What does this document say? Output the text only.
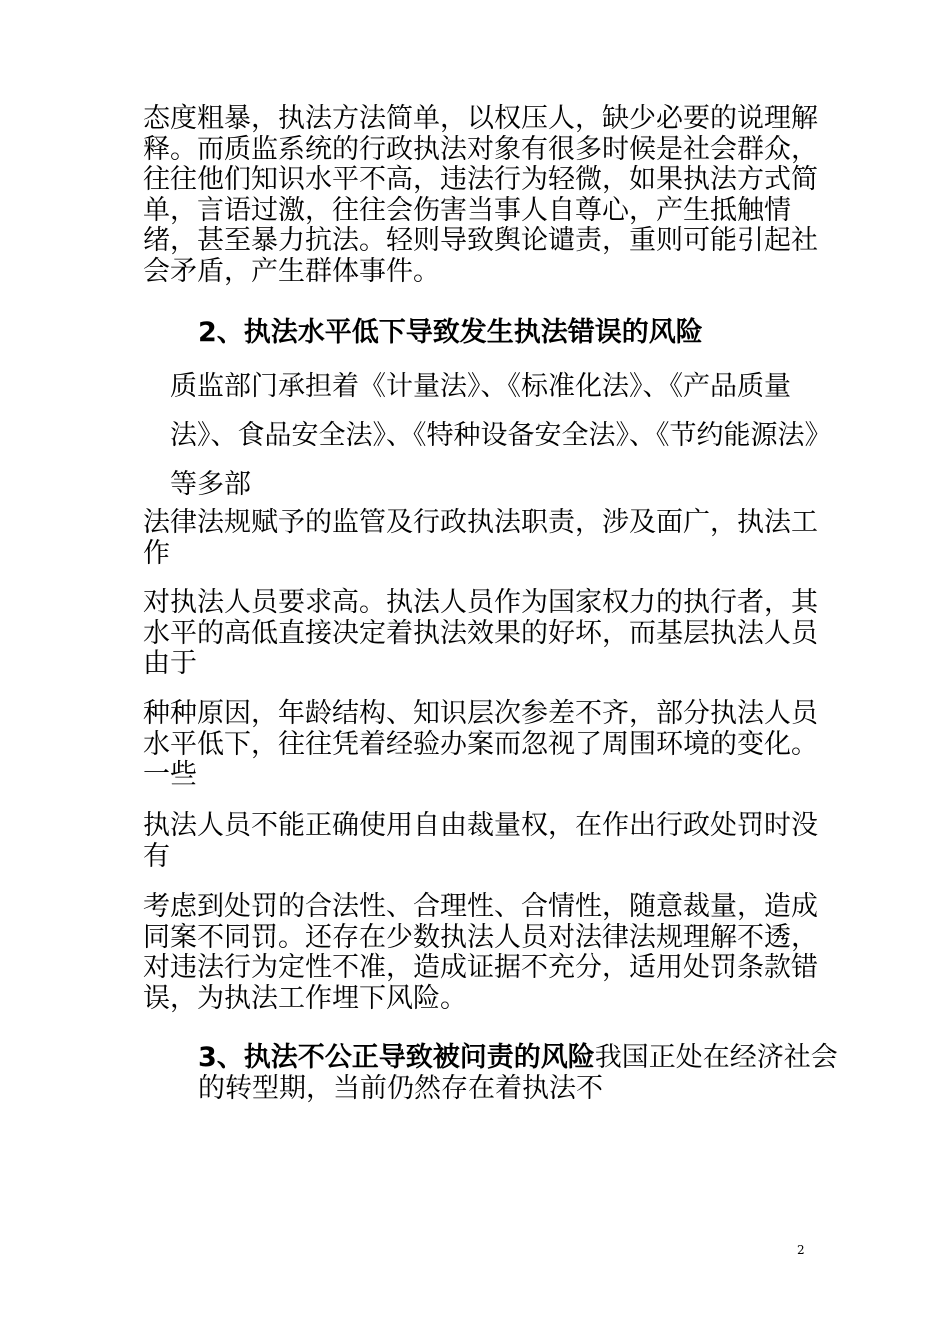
态度粗暴，执法方法简单，以权压人，缺少必要的说理解释。而质监系统的行政执法对象有很多时候是社会群众，往往他们知识水平不高，违法行为轻微，如果执法方式简单，言语过激，往往会伤害当事人自尊心，产生抵触情绪，甚至暴力抗法。轻则导致舆论谴责，重则可能引起社会矛盾，产生群体事件。

2、执法水平低下导致发生执法错误的风险

质监部门承担着《计量法》、《标准化法》、《产品质量法》、食品安全法》、《特种设备安全法》、《节约能源法》等多部

法律法规赋予的监管及行政执法职责，涉及面广，执法工作

对执法人员要求高。执法人员作为国家权力的执行者，其水平的高低直接决定着执法效果的好坏，而基层执法人员由于

种种原因，年龄结构、知识层次参差不齐，部分执法人员水平低下，往往凭着经验办案而忽视了周围环境的变化。一些

执法人员不能正确使用自由裁量权，在作出行政处罚时没有

考虑到处罚的合法性、合理性、合情性，随意裁量，造成同案不同罚。还存在少数执法人员对法律法规理解不透，对违法行为定性不准，造成证据不充分，适用处罚条款错误，为执法工作埋下风险。

3、执法不公正导致被问责的风险我国正处在经济社会的转型期，当前仍然存在着执法不

2
